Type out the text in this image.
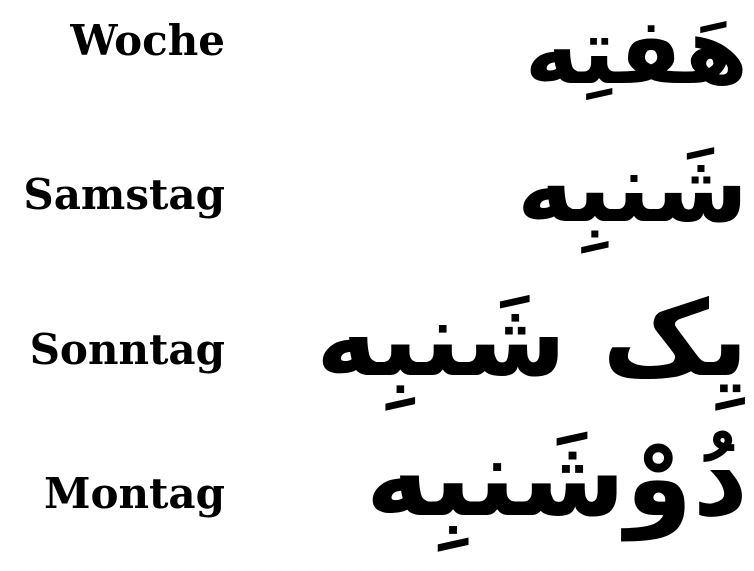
Woche	هَفتِه
Samstag	شَنبِه
Sonntag یِک شَنبِه
Montag دُوْشَنبِه
